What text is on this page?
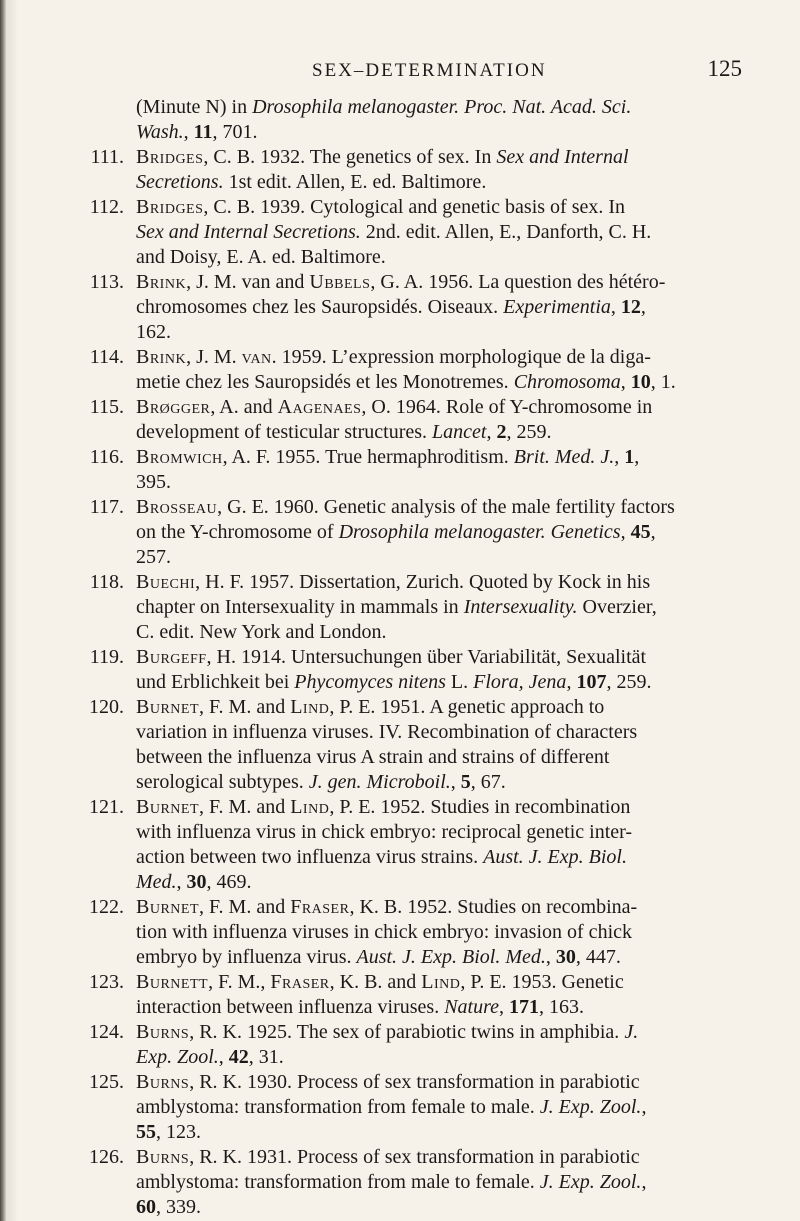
SEX–DETERMINATION	125
(Minute N) in Drosophila melanogaster. Proc. Nat. Acad. Sci.
Wash., 11, 701.
111. Bridges, C. B. 1932. The genetics of sex. In Sex and Internal
Secretions. 1st edit. Allen, E. ed. Baltimore.
112. Bridges, C. B. 1939. Cytological and genetic basis of sex. In
Sex and Internal Secretions. 2nd. edit. Allen, E., Danforth, C. H.
and Doisy, E. A. ed. Baltimore.
113. Brink, J. M. van and Ubbels, G. A. 1956. La question des hétéro-
chromosomes chez les Sauropsidés. Oiseaux. Experimentia, 12,
162.
114. Brink, J. M. van. 1959. L’expression morphologique de la diga-
metie chez les Sauropsidés et les Monotremes. Chromosoma, 10, 1.
115. Brøgger, A. and Aagenaes, O. 1964. Role of Y-chromosome in
development of testicular structures. Lancet, 2, 259.
116. Bromwich, A. F. 1955. True hermaphroditism. Brit. Med. J., 1,
395.
117. Brosseau, G. E. 1960. Genetic analysis of the male fertility factors
on the Y-chromosome of Drosophila melanogaster. Genetics, 45,
257.
118. Buechi, H. F. 1957. Dissertation, Zurich. Quoted by Kock in his
chapter on Intersexuality in mammals in Intersexuality. Overzier,
C. edit. New York and London.
119. Burgeff, H. 1914. Untersuchungen über Variabilität, Sexualität
und Erblichkeit bei Phycomyces nitens L. Flora, Jena, 107, 259.
120. Burnet, F. M. and Lind, P. E. 1951. A genetic approach to
variation in influenza viruses. IV. Recombination of characters
between the influenza virus A strain and strains of different
serological subtypes. J. gen. Microboil., 5, 67.
121. Burnet, F. M. and Lind, P. E. 1952. Studies in recombination
with influenza virus in chick embryo: reciprocal genetic inter-
action between two influenza virus strains. Aust. J. Exp. Biol.
Med., 30, 469.
122. Burnet, F. M. and Fraser, K. B. 1952. Studies on recombina-
tion with influenza viruses in chick embryo: invasion of chick
embryo by influenza virus. Aust. J. Exp. Biol. Med., 30, 447.
123. Burnett, F. M., Fraser, K. B. and Lind, P. E. 1953. Genetic
interaction between influenza viruses. Nature, 171, 163.
124. Burns, R. K. 1925. The sex of parabiotic twins in amphibia. J.
Exp. Zool., 42, 31.
125. Burns, R. K. 1930. Process of sex transformation in parabiotic
amblystoma: transformation from female to male. J. Exp. Zool.,
55, 123.
126. Burns, R. K. 1931. Process of sex transformation in parabiotic
amblystoma: transformation from male to female. J. Exp. Zool.,
60, 339.
